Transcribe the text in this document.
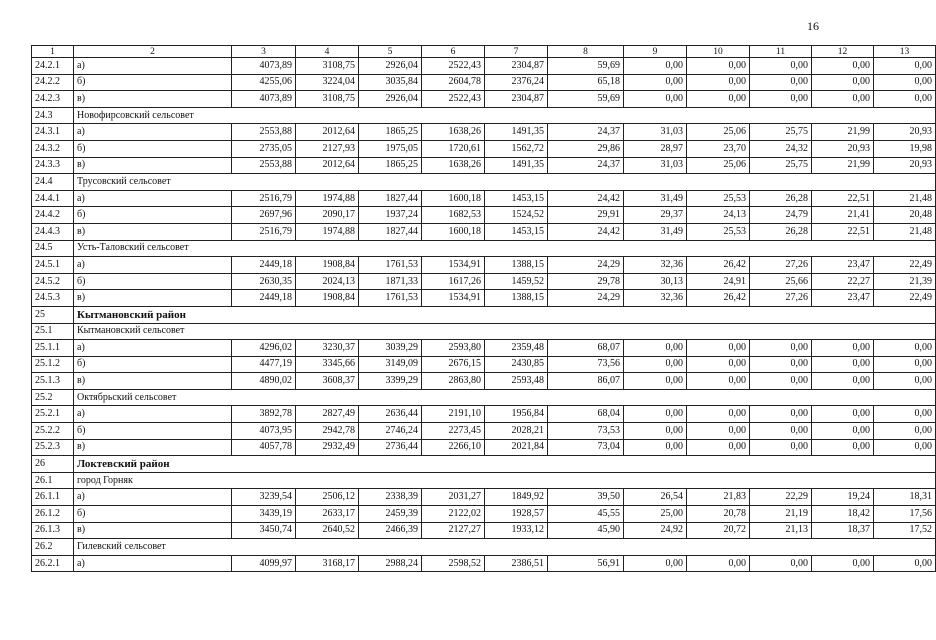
16
1	2	3	4	5	6	7	8	9	10	11	12	13
24.2.1	а)	4073,89	3108,75	2926,04	2522,43	2304,87	59,69	0,00	0,00	0,00	0,00	0,00
24.2.2	б)	4255,06	3224,04	3035,84	2604,78	2376,24	65,18	0,00	0,00	0,00	0,00	0,00
24.2.3	в)	4073,89	3108,75	2926,04	2522,43	2304,87	59,69	0,00	0,00	0,00	0,00	0,00
24.3	Новофирсовский сельсовет											
24.3.1	а)	2553,88	2012,64	1865,25	1638,26	1491,35	24,37	31,03	25,06	25,75	21,99	20,93
24.3.2	б)	2735,05	2127,93	1975,05	1720,61	1562,72	29,86	28,97	23,70	24,32	20,93	19,98
24.3.3	в)	2553,88	2012,64	1865,25	1638,26	1491,35	24,37	31,03	25,06	25,75	21,99	20,93
24.4	Трусовский сельсовет											
24.4.1	а)	2516,79	1974,88	1827,44	1600,18	1453,15	24,42	31,49	25,53	26,28	22,51	21,48
24.4.2	б)	2697,96	2090,17	1937,24	1682,53	1524,52	29,91	29,37	24,13	24,79	21,41	20,48
24.4.3	в)	2516,79	1974,88	1827,44	1600,18	1453,15	24,42	31,49	25,53	26,28	22,51	21,48
24.5	Усть-Таловский сельсовет											
24.5.1	а)	2449,18	1908,84	1761,53	1534,91	1388,15	24,29	32,36	26,42	27,26	23,47	22,49
24.5.2	б)	2630,35	2024,13	1871,33	1617,26	1459,52	29,78	30,13	24,91	25,66	22,27	21,39
24.5.3	в)	2449,18	1908,84	1761,53	1534,91	1388,15	24,29	32,36	26,42	27,26	23,47	22,49
25	Кытмановский район											
25.1	Кытмановский сельсовет											
25.1.1	а)	4296,02	3230,37	3039,29	2593,80	2359,48	68,07	0,00	0,00	0,00	0,00	0,00
25.1.2	б)	4477,19	3345,66	3149,09	2676,15	2430,85	73,56	0,00	0,00	0,00	0,00	0,00
25.1.3	в)	4890,02	3608,37	3399,29	2863,80	2593,48	86,07	0,00	0,00	0,00	0,00	0,00
25.2	Октябрьский сельсовет											
25.2.1	а)	3892,78	2827,49	2636,44	2191,10	1956,84	68,04	0,00	0,00	0,00	0,00	0,00
25.2.2	б)	4073,95	2942,78	2746,24	2273,45	2028,21	73,53	0,00	0,00	0,00	0,00	0,00
25.2.3	в)	4057,78	2932,49	2736,44	2266,10	2021,84	73,04	0,00	0,00	0,00	0,00	0,00
26	Локтевский район											
26.1	город Горняк											
26.1.1	а)	3239,54	2506,12	2338,39	2031,27	1849,92	39,50	26,54	21,83	22,29	19,24	18,31
26.1.2	б)	3439,19	2633,17	2459,39	2122,02	1928,57	45,55	25,00	20,78	21,19	18,42	17,56
26.1.3	в)	3450,74	2640,52	2466,39	2127,27	1933,12	45,90	24,92	20,72	21,13	18,37	17,52
26.2	Гилевский сельсовет											
26.2.1	а)	4099,97	3168,17	2988,24	2598,52	2386,51	56,91	0,00	0,00	0,00	0,00	0,00
